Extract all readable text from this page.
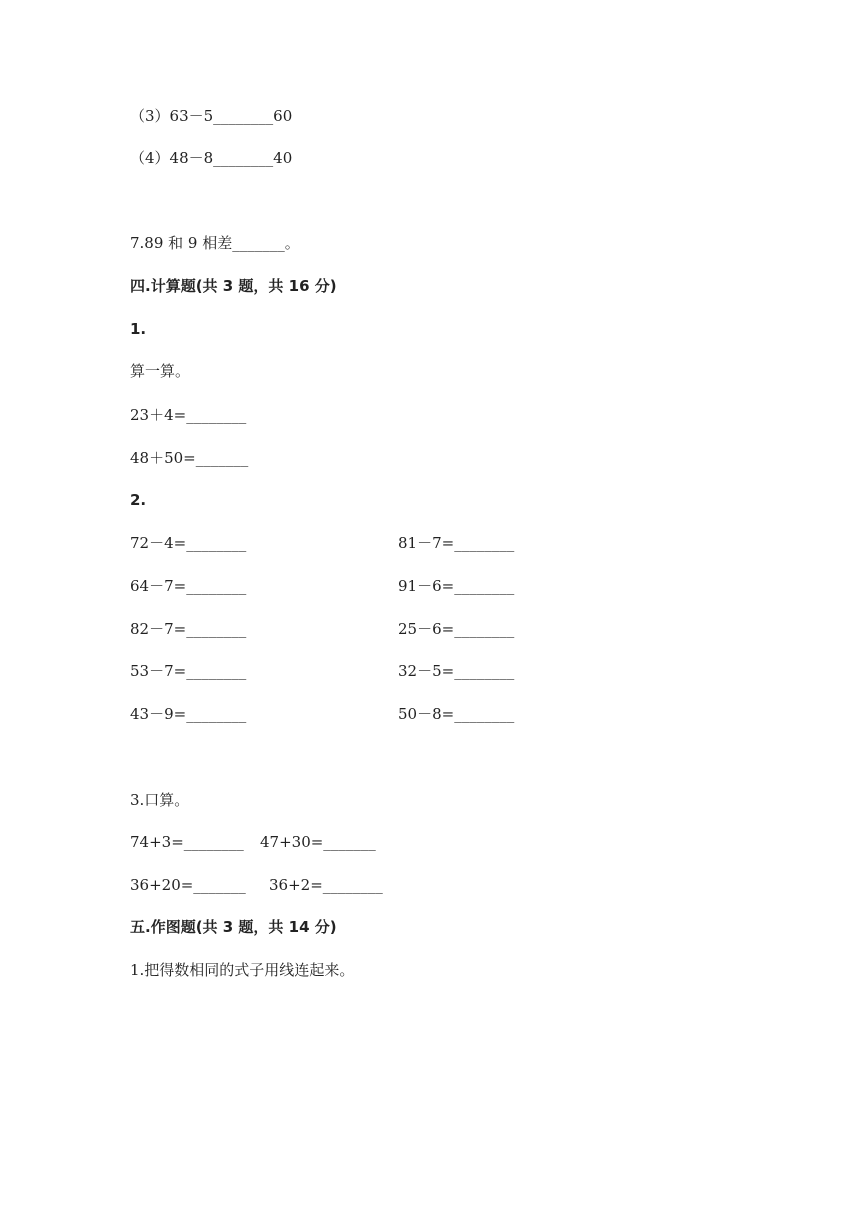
（3）63－5________60
（4）48－8________40
7.89 和 9 相差_______。
四.计算题(共 3 题，共 16 分)
1.
算一算。
23＋4=________
48＋50=_______
2.
72－4=________	81－7=________
64－7=________	91－6=________
82－7=________	25－6=________
53－7=________	32－5=________
43－9=________	50－8=________
3.口算。
74+3=________ 47+30=_______
36+20=_______ 36+2=________
五.作图题(共 3 题，共 14 分)
1.把得数相同的式子用线连起来。
